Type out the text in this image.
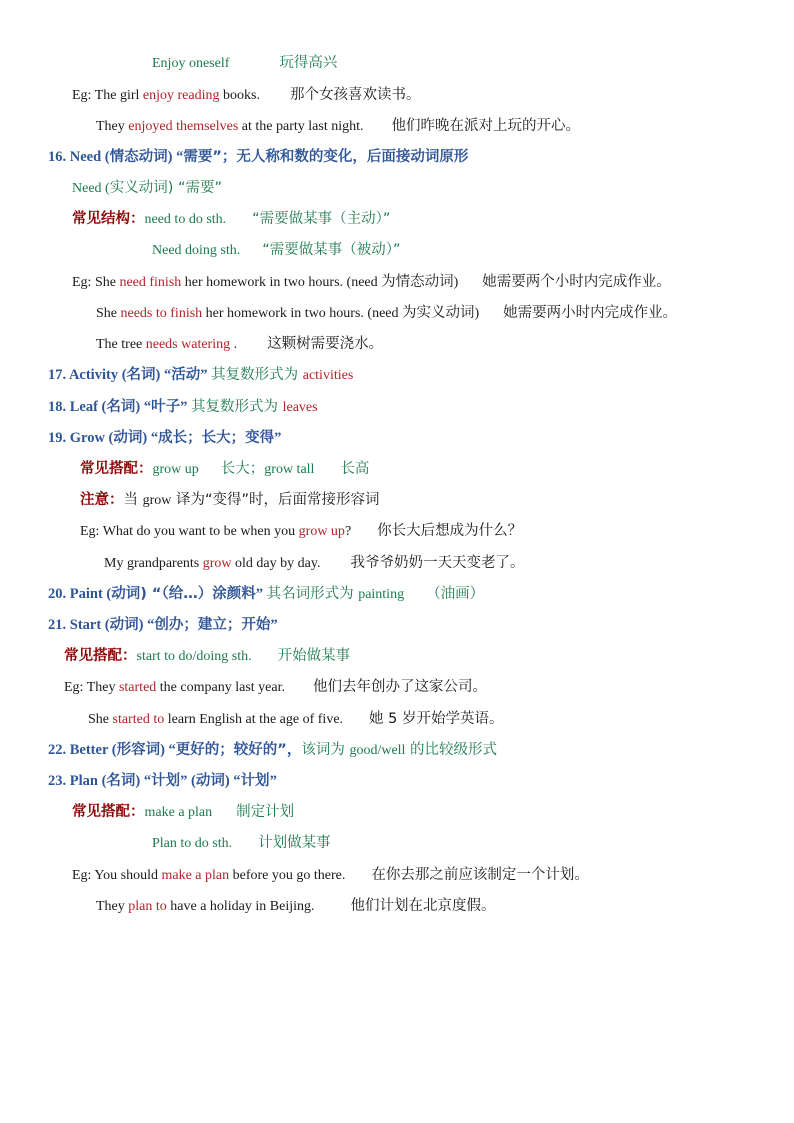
Enjoy oneself	玩得高兴
Eg: The girl enjoy reading books. 那个女孩喜欢读书。
They enjoyed themselves at the party last night. 他们昨晚在派对上玩的开心。
16. Need (情态动词) “需要”；无人称和数的变化，后面接动词原形
Need (实义动词) “需要”
常见结构：need to do sth. “需要做某事（主动）”
Need doing sth. “需要做某事（被动）”
Eg: She need finish her homework in two hours. (need 为情态动词) 她需要两个小时内完成作业。
She needs to finish her homework in two hours. (need 为实义动词) 她需要两小时内完成作业。
The tree needs watering . 这颗树需要浇水。
17. Activity (名词) “活动” 其复数形式为 activities
18. Leaf (名词) “叶子” 其复数形式为 leaves
19. Grow (动词) “成长；长大；变得”
常见搭配：grow up 长大；grow tall 长高
注意：当 grow 译为“变得”时，后面常接形容词
Eg: What do you want to be when you grow up? 你长大后想成为什么？
My grandparents grow old day by day. 我爷爷奶奶一天天变老了。
20. Paint (动词) “（给…）涂颜料” 其名词形式为 painting （油画）
21. Start (动词) “创办；建立；开始”
常见搭配：start to do/doing sth. 开始做某事
Eg: They started the company last year. 他们去年创办了这家公司。
She started to learn English at the age of five. 她 5 岁开始学英语。
22. Better (形容词) “更好的；较好的”，该词为 good/well 的比较级形式
23. Plan (名词) “计划” (动词) “计划”
常见搭配：make a plan 制定计划
Plan to do sth. 计划做某事
Eg: You should make a plan before you go there. 在你去那之前应该制定一个计划。
They plan to have a holiday in Beijing. 他们计划在北京度假。
